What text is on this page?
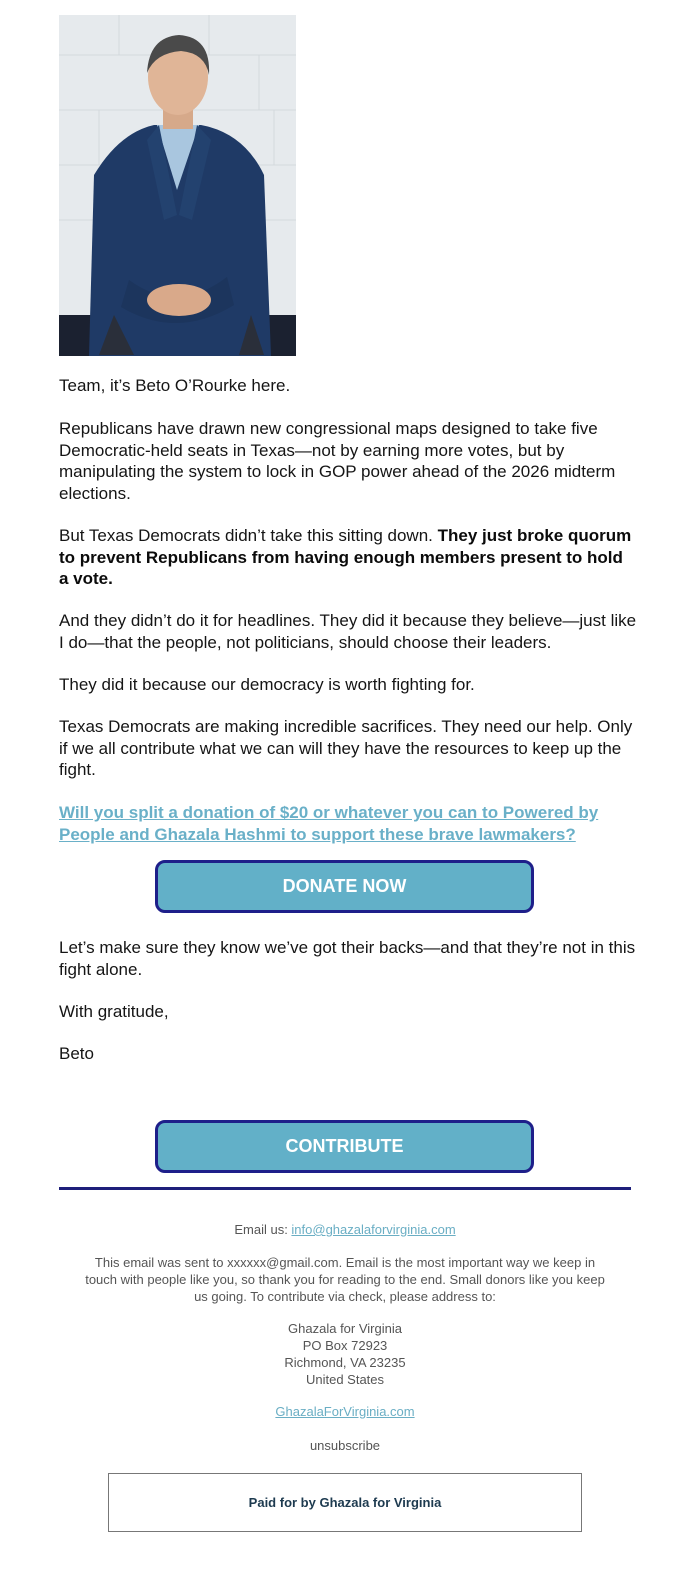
Team, it’s Beto O’Rourke here.
Republicans have drawn new congressional maps designed to take five Democratic-held seats in Texas—not by earning more votes, but by manipulating the system to lock in GOP power ahead of the 2026 midterm elections.
But Texas Democrats didn’t take this sitting down. They just broke quorum to prevent Republicans from having enough members present to hold a vote.
And they didn’t do it for headlines. They did it because they believe—just like I do—that the people, not politicians, should choose their leaders.
They did it because our democracy is worth fighting for.
Texas Democrats are making incredible sacrifices. They need our help. Only if we all contribute what we can will they have the resources to keep up the fight.
Will you split a donation of $20 or whatever you can to Powered by People and Ghazala Hashmi to support these brave lawmakers?
DONATE NOW
Let’s make sure they know we’ve got their backs—and that they’re not in this fight alone.
With gratitude,
Beto
CONTRIBUTE
Email us: info@ghazalaforvirginia.com
This email was sent to xxxxxx@gmail.com. Email is the most important way we keep in touch with people like you, so thank you for reading to the end. Small donors like you keep us going. To contribute via check, please address to:
Ghazala for Virginia
PO Box 72923
Richmond, VA 23235
United States
GhazalaForVirginia.com
unsubscribe
Paid for by Ghazala for Virginia
